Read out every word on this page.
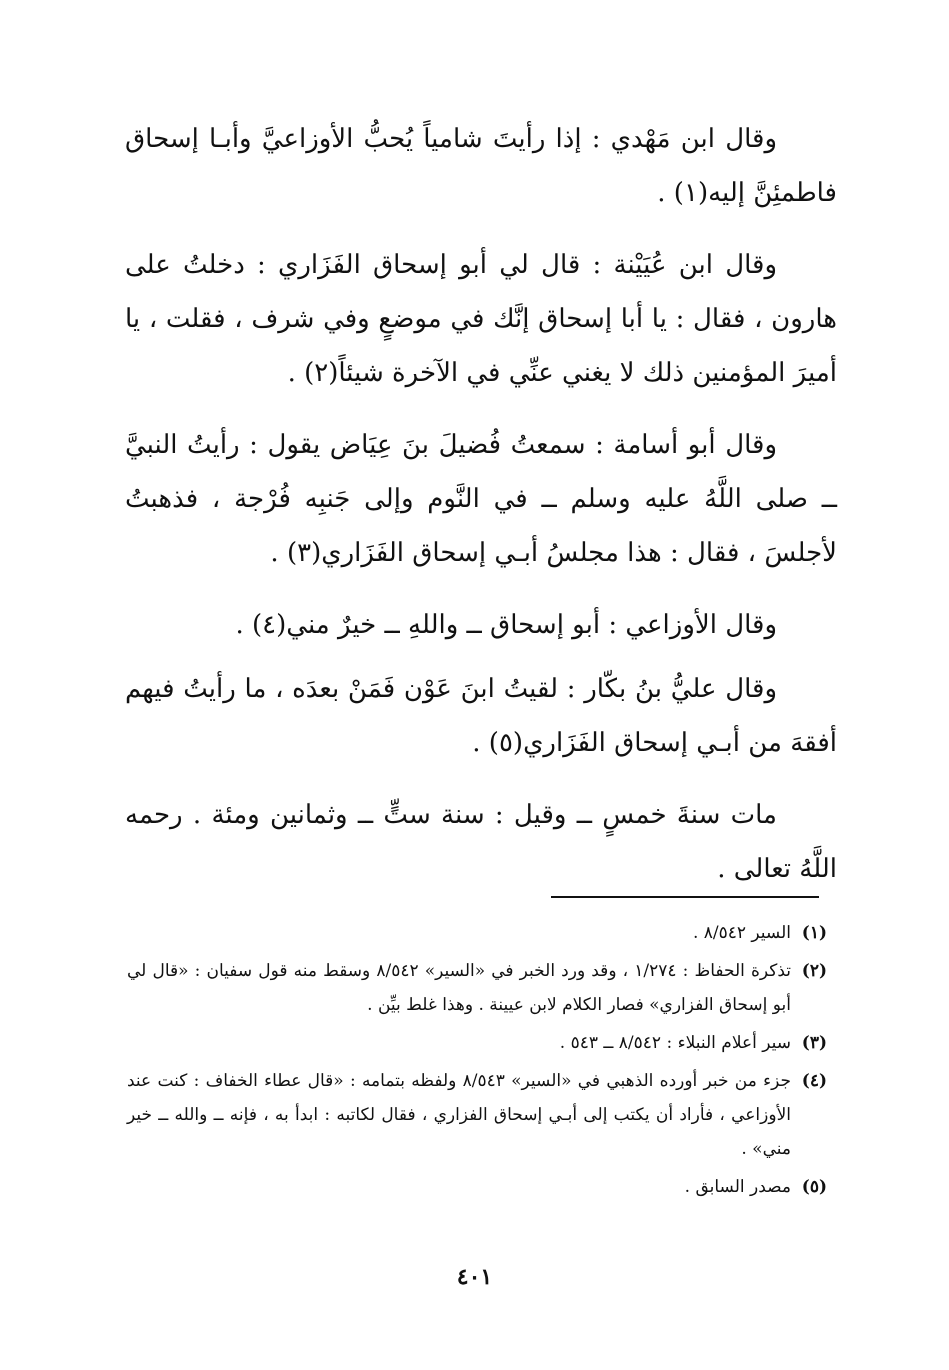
وقال ابن مَهْدي : إذا رأيتَ شامياً يُحبُّ الأوزاعيَّ وأبـا إسحاق فاطمئِنَّ إليه(١) .

وقال ابن عُيَيْنة : قال لي أبو إسحاق الفَزَاري : دخلتُ على هارون ، فقال : يا أبا إسحاق إنَّك في موضعٍ وفي شرف ، فقلت ، يا أميرَ المؤمنين ذلك لا يغني عنِّي في الآخرة شيئاً(٢) .

وقال أبو أسامة : سمعتُ فُضيلَ بنَ عِيَاض يقول : رأيتُ النبيَّ ــ صلى اللَّهُ عليه وسلم ــ في النَّوم وإلى جَنبِه فُرْجة ، فذهبتُ لأجلسَ ، فقال : هذا مجلسُ أبـي إسحاق الفَزَاري(٣) .

وقال الأوزاعي : أبو إسحاق ــ واللهِ ــ خيرٌ مني(٤) .

وقال عليُّ بنُ بكّار : لقيتُ ابنَ عَوْن فَمَنْ بعدَه ، ما رأيتُ فيهم أفقهَ من أبـي إسحاق الفَزَاري(٥) .

مات سنةَ خمسٍ ــ وقيل : سنة ستٍّ ــ وثمانين ومئة . رحمه اللَّهُ تعالى .

(١)
السير ٨/٥٤٢ .
(٢)
تذكرة الحفاظ : ١/٢٧٤ ، وقد ورد الخبر في «السير» ٨/٥٤٢ وسقط منه قول سفيان : «قال لي أبو إسحاق الفزاري» فصار الكلام لابن عيينة . وهذا غلط بيِّن .
(٣)
سير أعلام النبلاء : ٨/٥٤٢ ــ ٥٤٣ .
(٤)
جزء من خبر أورده الذهبي في «السير» ٨/٥٤٣ ولفظه بتمامه : «قال عطاء الخفاف : كنت عند الأوزاعي ، فأراد أن يكتب إلى أبـي إسحاق الفزاري ، فقال لكاتبه : ابدأ به ، فإنه ــ والله ــ خير مني» .
(٥)
مصدر السابق .
٤٠١
